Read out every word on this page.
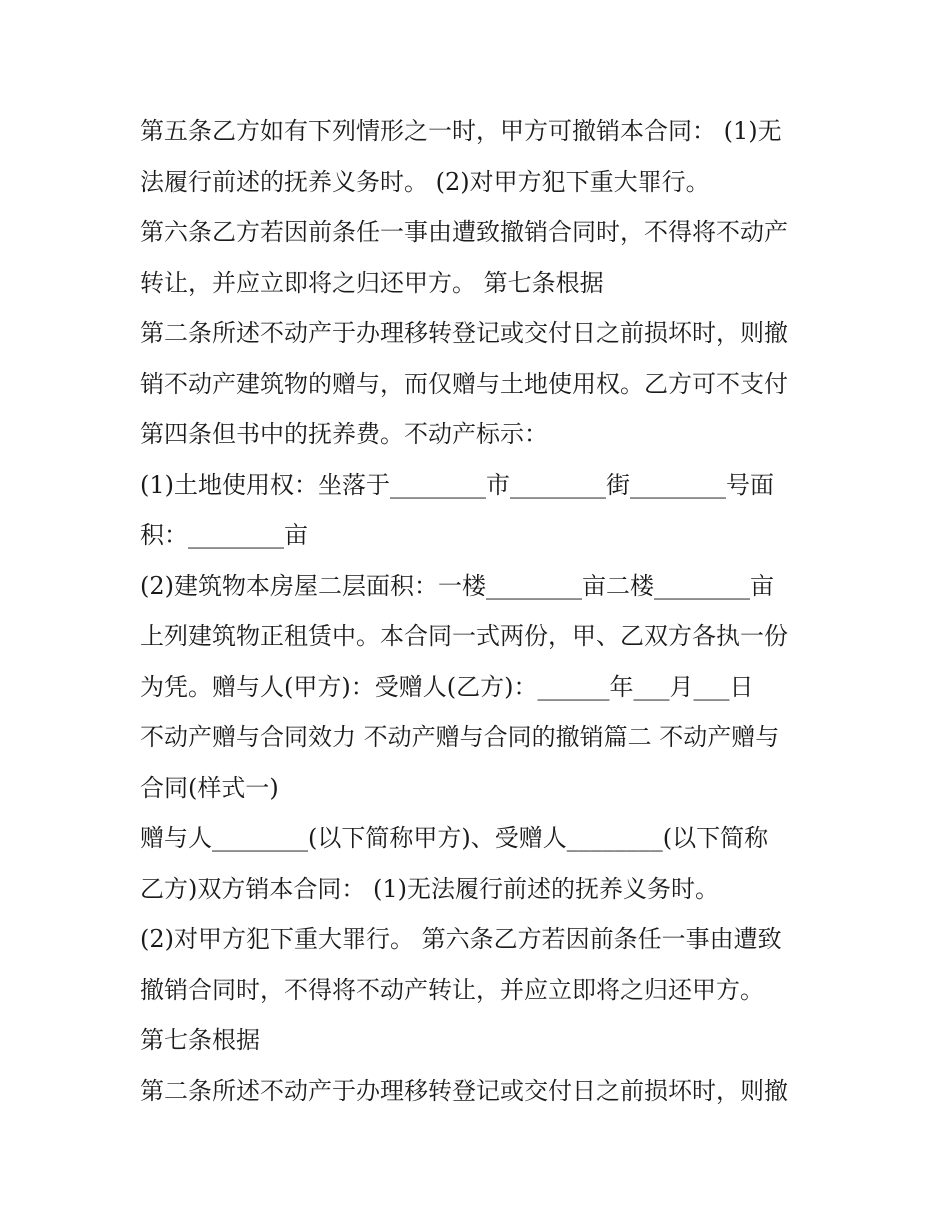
第五条乙方如有下列情形之一时，甲方可撤销本合同： (1)无
法履行前述的抚养义务时。 (2)对甲方犯下重大罪行。
第六条乙方若因前条任一事由遭致撤销合同时，不得将不动产
转让，并应立即将之归还甲方。 第七条根据
第二条所述不动产于办理移转登记或交付日之前损坏时，则撤
销不动产建筑物的赠与，而仅赠与土地使用权。乙方可不支付
第四条但书中的抚养费。不动产标示：
(1)土地使用权：坐落于________市________街________号面
积：________亩
(2)建筑物本房屋二层面积：一楼________亩二楼________亩
上列建筑物正租赁中。本合同一式两份，甲、乙双方各执一份
为凭。赠与人(甲方)：受赠人(乙方)：______年___月___日
不动产赠与合同效力 不动产赠与合同的撤销篇二 不动产赠与
合同(样式一)
赠与人________(以下简称甲方)、受赠人________(以下简称
乙方)双方销本合同： (1)无法履行前述的抚养义务时。
(2)对甲方犯下重大罪行。 第六条乙方若因前条任一事由遭致
撤销合同时，不得将不动产转让，并应立即将之归还甲方。
第七条根据
第二条所述不动产于办理移转登记或交付日之前损坏时，则撤
